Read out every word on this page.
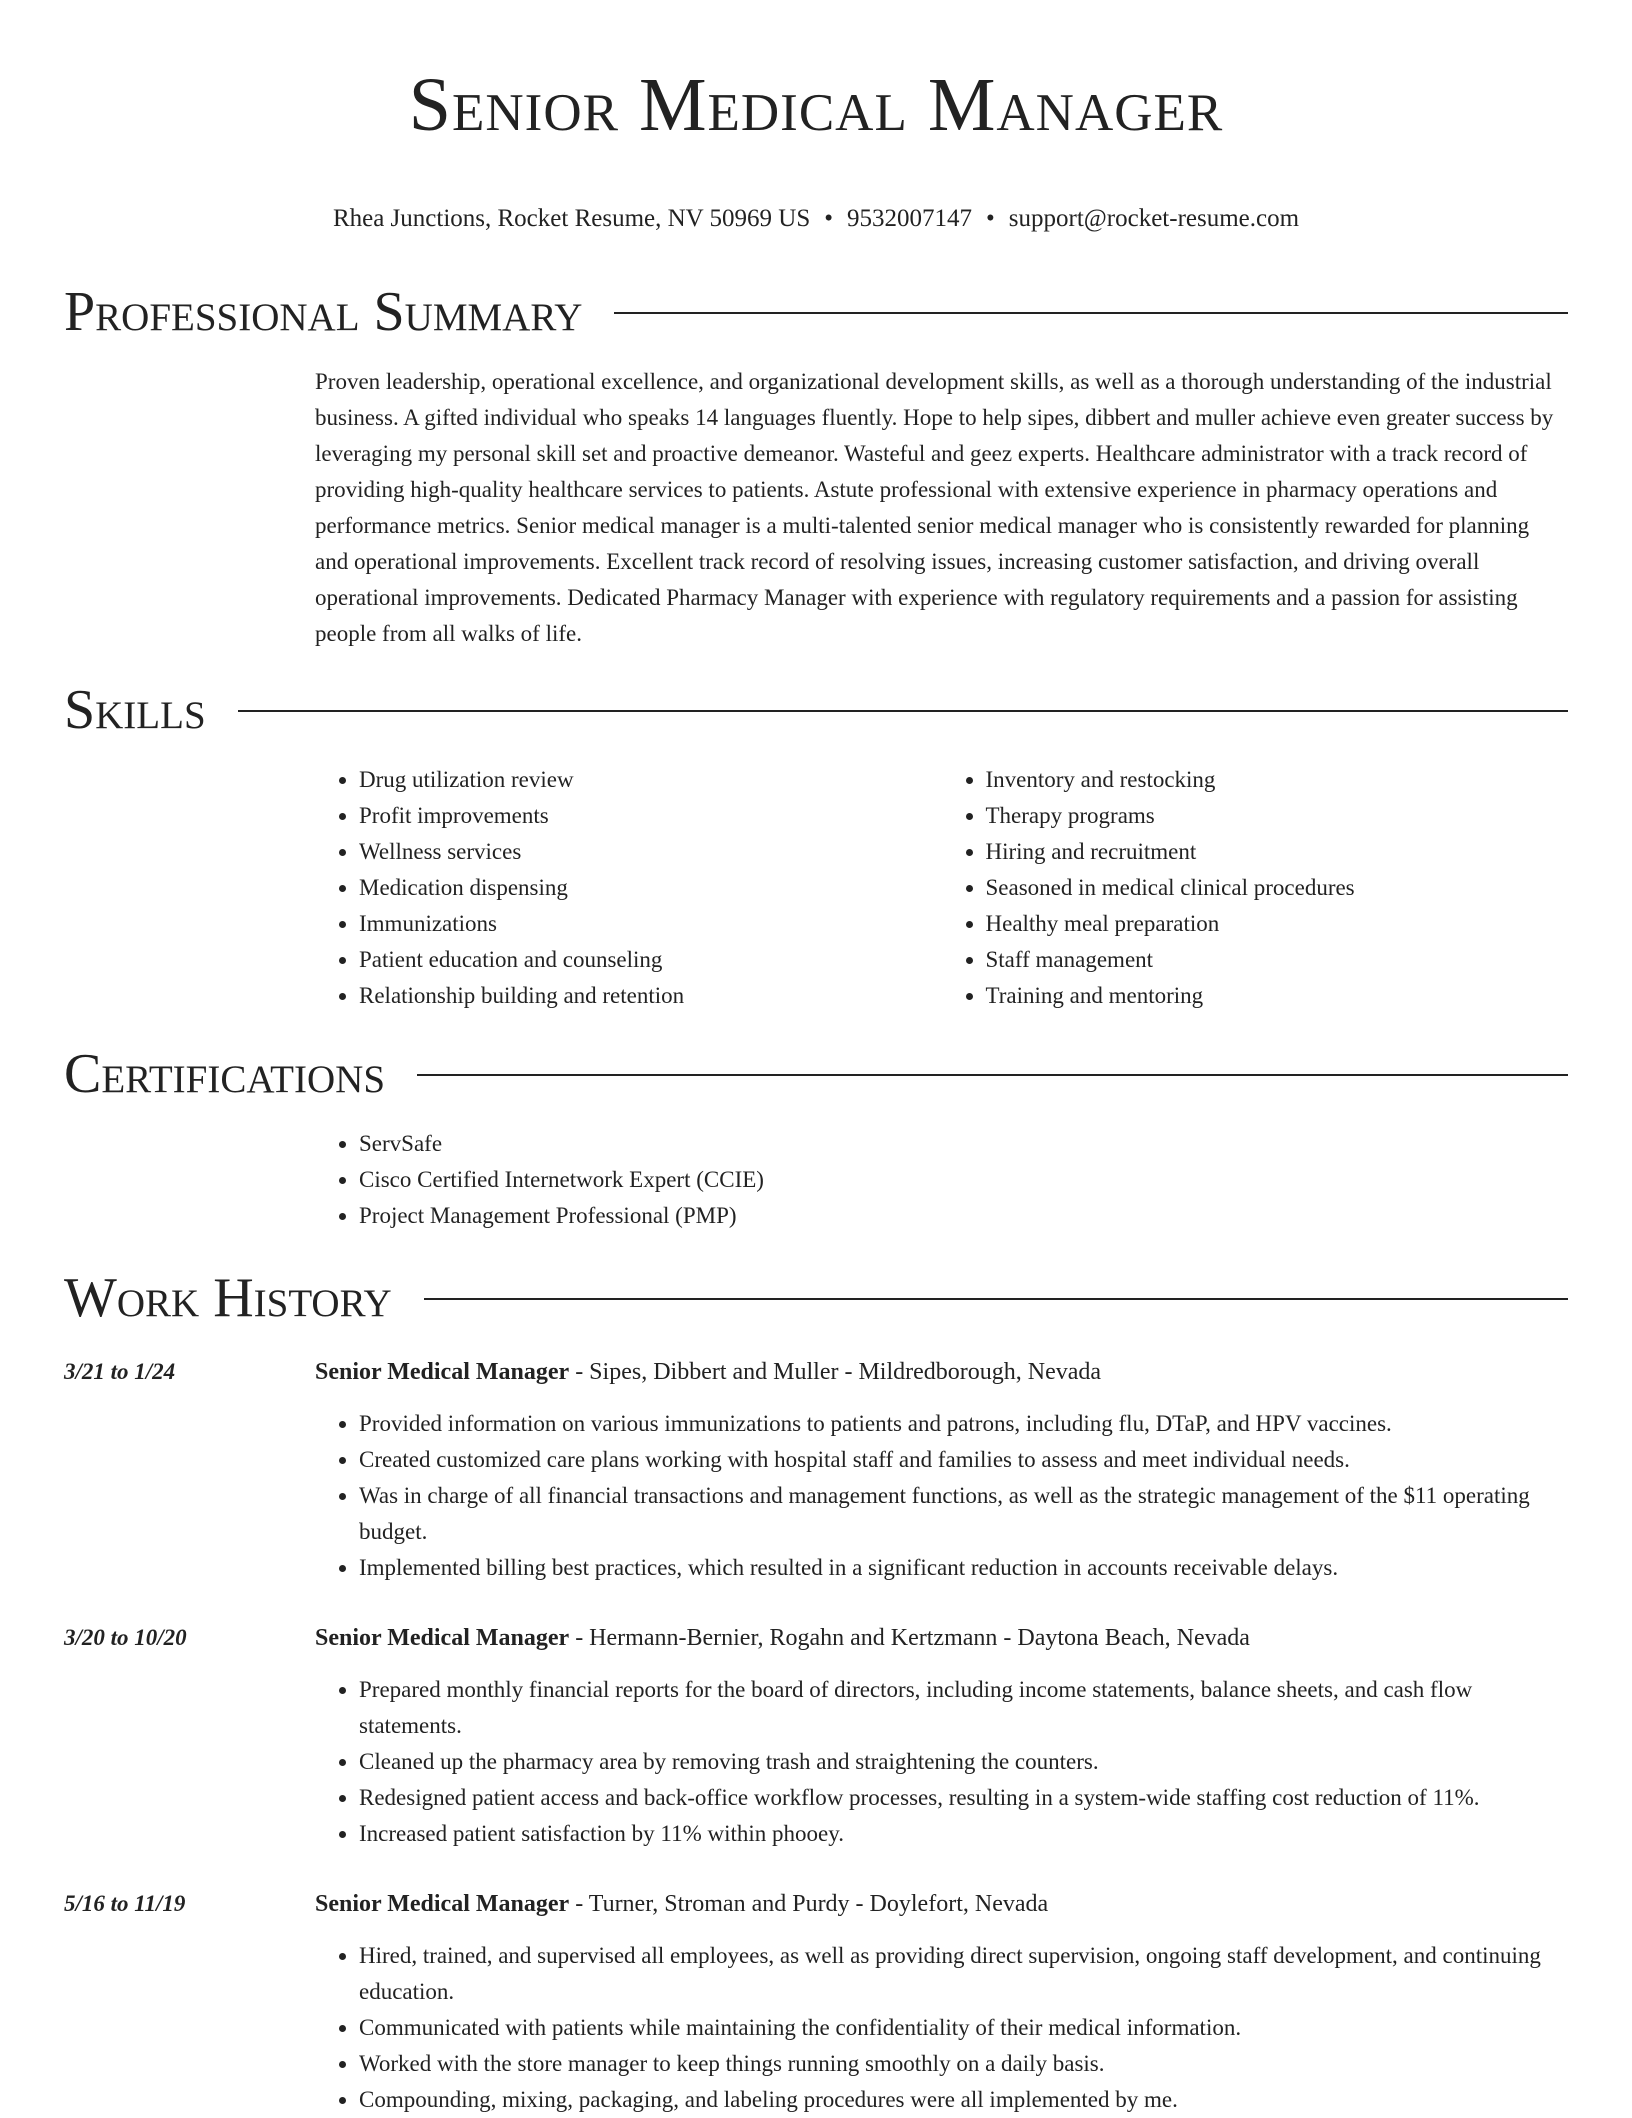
Senior Medical Manager
Rhea Junctions, Rocket Resume, NV 50969 US • 9532007147 • support@rocket-resume.com
Professional Summary

Proven leadership, operational excellence, and organizational development skills, as well as a thorough understanding of the industrial business. A gifted individual who speaks 14 languages fluently. Hope to help sipes, dibbert and muller achieve even greater success by leveraging my personal skill set and proactive demeanor. Wasteful and geez experts. Healthcare administrator with a track record of providing high-quality healthcare services to patients. Astute professional with extensive experience in pharmacy operations and performance metrics. Senior medical manager is a multi-talented senior medical manager who is consistently rewarded for planning and operational improvements. Excellent track record of resolving issues, increasing customer satisfaction, and driving overall operational improvements. Dedicated Pharmacy Manager with experience with regulatory requirements and a passion for assisting people from all walks of life.

Skills
• Drug utilization review
• Profit improvements
• Wellness services
• Medication dispensing
• Immunizations
• Patient education and counseling
• Relationship building and retention
• Inventory and restocking
• Therapy programs
• Hiring and recruitment
• Seasoned in medical clinical procedures
• Healthy meal preparation
• Staff management
• Training and mentoring
Certifications
• ServSafe
• Cisco Certified Internetwork Expert (CCIE)
• Project Management Professional (PMP)
Work History
3/21 to 1/24	Senior Medical Manager - Sipes, Dibbert and Muller - Mildredborough, Nevada
• Provided information on various immunizations to patients and patrons, including flu, DTaP, and HPV vaccines.
• Created customized care plans working with hospital staff and families to assess and meet individual needs.
• Was in charge of all financial transactions and management functions, as well as the strategic management of the $11 operating budget.
• Implemented billing best practices, which resulted in a significant reduction in accounts receivable delays.
3/20 to 10/20	Senior Medical Manager - Hermann-Bernier, Rogahn and Kertzmann - Daytona Beach, Nevada
• Prepared monthly financial reports for the board of directors, including income statements, balance sheets, and cash flow statements.
• Cleaned up the pharmacy area by removing trash and straightening the counters.
• Redesigned patient access and back-office workflow processes, resulting in a system-wide staffing cost reduction of 11%.
• Increased patient satisfaction by 11% within phooey.
5/16 to 11/19	Senior Medical Manager - Turner, Stroman and Purdy - Doylefort, Nevada
• Hired, trained, and supervised all employees, as well as providing direct supervision, ongoing staff development, and continuing education.
• Communicated with patients while maintaining the confidentiality of their medical information.
• Worked with the store manager to keep things running smoothly on a daily basis.
• Compounding, mixing, packaging, and labeling procedures were all implemented by me.
